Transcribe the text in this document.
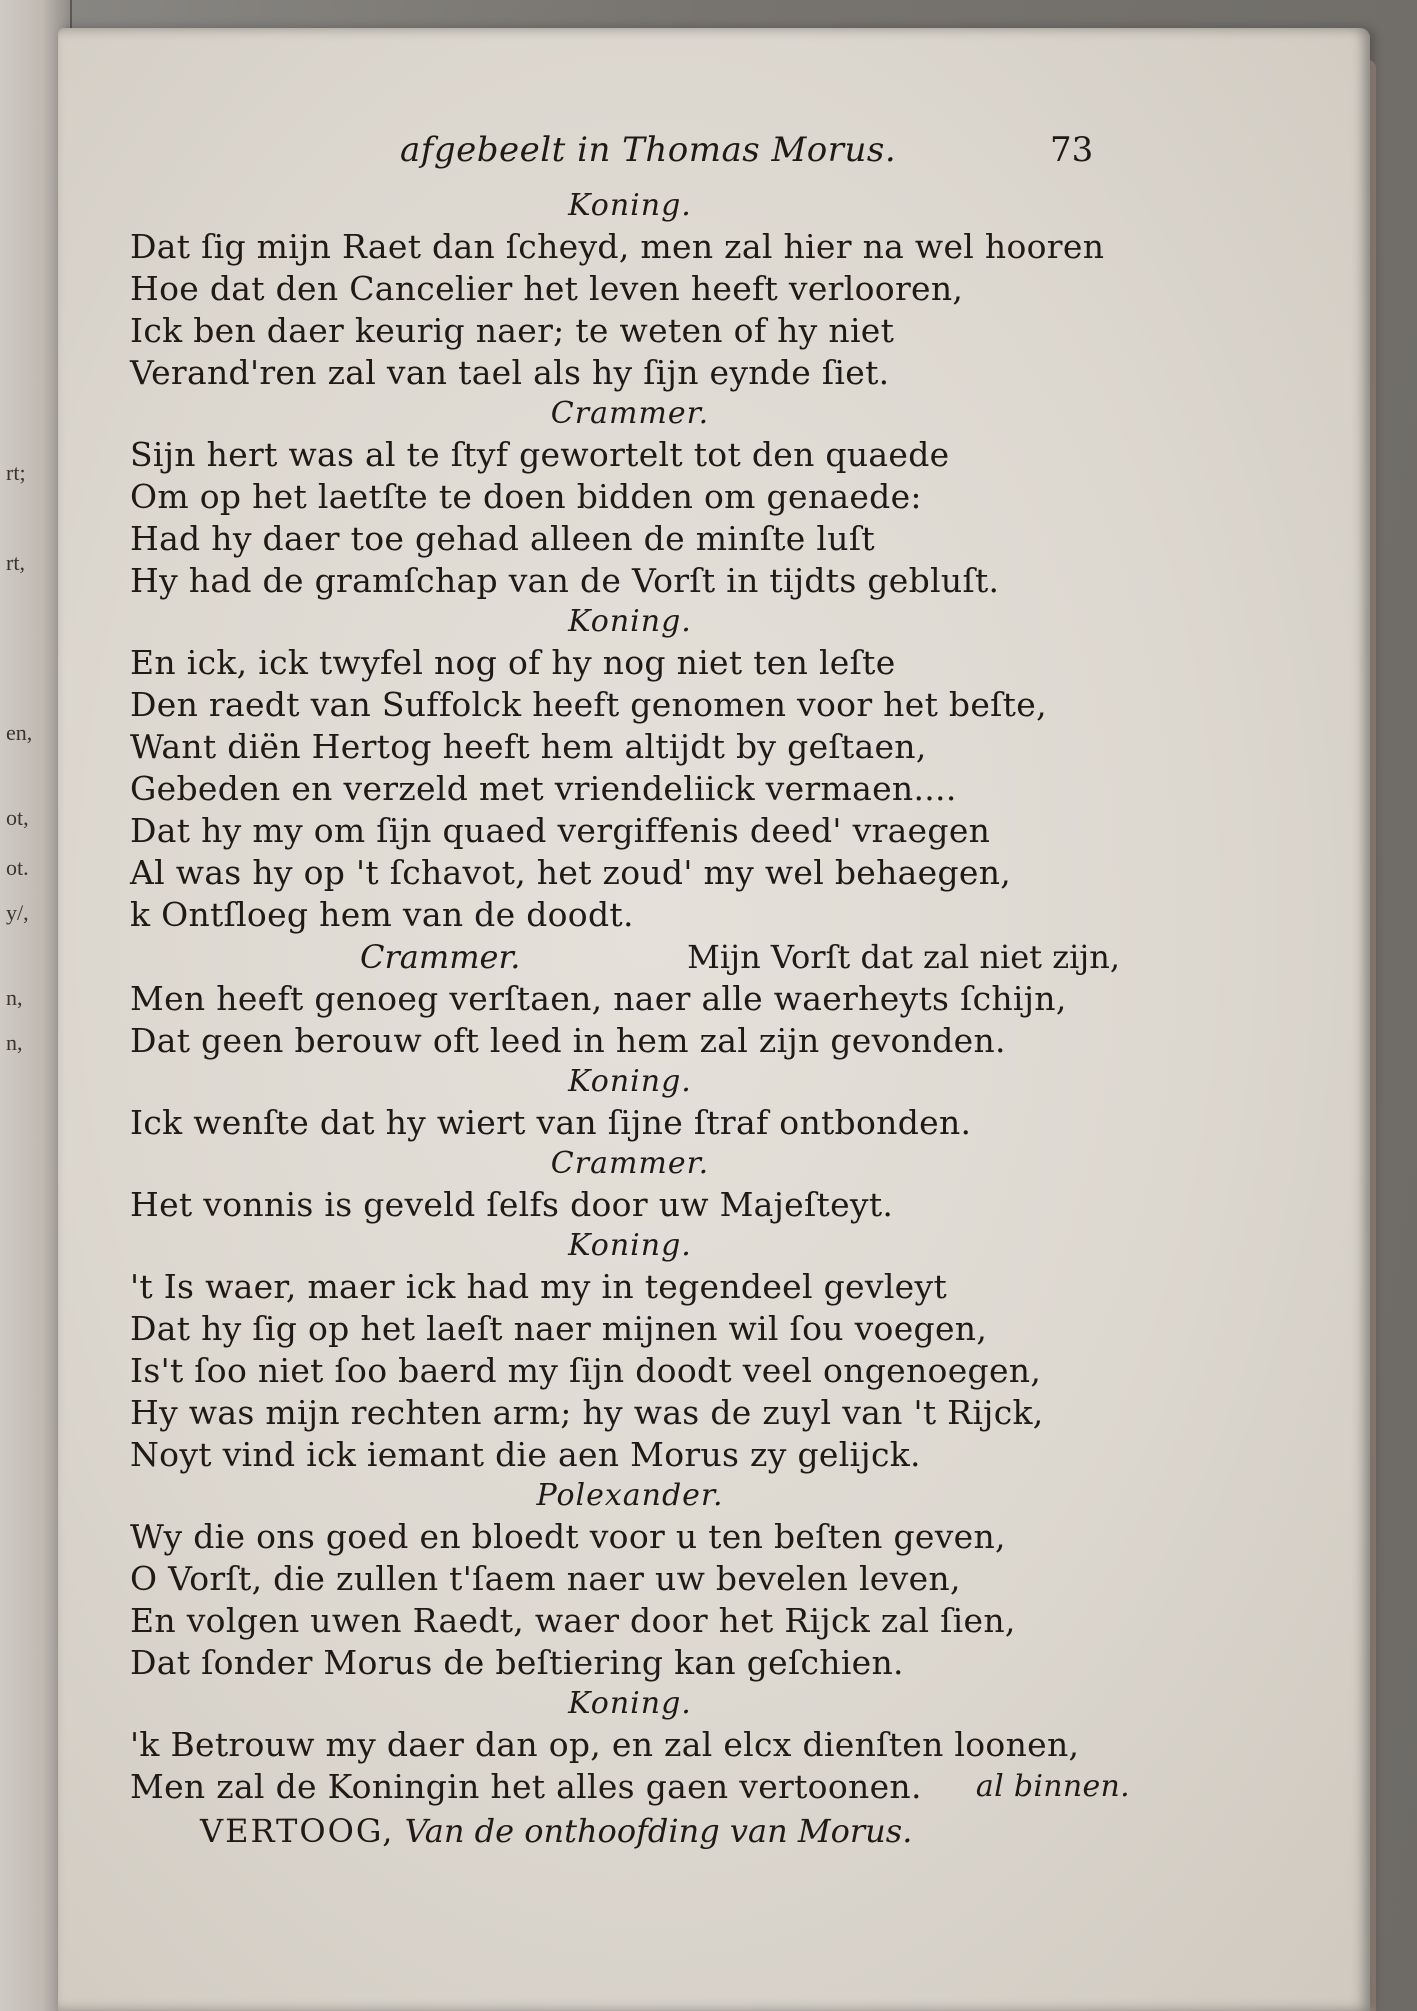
rt;
rt,
en,
ot,
ot.
y/,
n,
n,
afgebeelt in Thomas Morus.	73
Koning.
Dat ſig mijn Raet dan ſcheyd, men zal hier na wel hooren
Hoe dat den Cancelier het leven heeft verlooren,
Ick ben daer keurig naer; te weten of hy niet
Verand'ren zal van tael als hy ſijn eynde ſiet.
Crammer.
Sijn hert was al te ſtyf gewortelt tot den quaede
Om op het laetſte te doen bidden om genaede:
Had hy daer toe gehad alleen de minſte luſt
Hy had de gramſchap van de Vorſt in tijdts gebluſt.
Koning.
En ick, ick twyfel nog of hy nog niet ten leſte
Den raedt van Suffolck heeft genomen voor het beſte,
Want diën Hertog heeft hem altijdt by geſtaen,
Gebeden en verzeld met vriendeliick vermaen....
Dat hy my om ſijn quaed vergiffenis deed' vraegen
Al was hy op 't ſchavot, het zoud' my wel behaegen,
k Ontſloeg hem van de doodt.
Crammer.	Mijn Vorſt dat zal niet zijn,
Men heeft genoeg verſtaen, naer alle waerheyts ſchijn,
Dat geen berouw oft leed in hem zal zijn gevonden.
Koning.
Ick wenſte dat hy wiert van ſijne ſtraf ontbonden.
Crammer.
Het vonnis is geveld ſelfs door uw Majeſteyt.
Koning.
't Is waer, maer ick had my in tegendeel gevleyt
Dat hy ſig op het laeſt naer mijnen wil ſou voegen,
Is't ſoo niet ſoo baerd my ſijn doodt veel ongenoegen,
Hy was mijn rechten arm; hy was de zuyl van 't Rijck,
Noyt vind ick iemant die aen Morus zy gelijck.
Polexander.
Wy die ons goed en bloedt voor u ten beſten geven,
O Vorſt, die zullen t'ſaem naer uw bevelen leven,
En volgen uwen Raedt, waer door het Rijck zal ſien,
Dat ſonder Morus de beſtiering kan geſchien.
Koning.
'k Betrouw my daer dan op, en zal elcx dienſten loonen,
Men zal de Koningin het alles gaen vertoonen. al binnen.
VERTOOG, Van de onthoofding van Morus.
